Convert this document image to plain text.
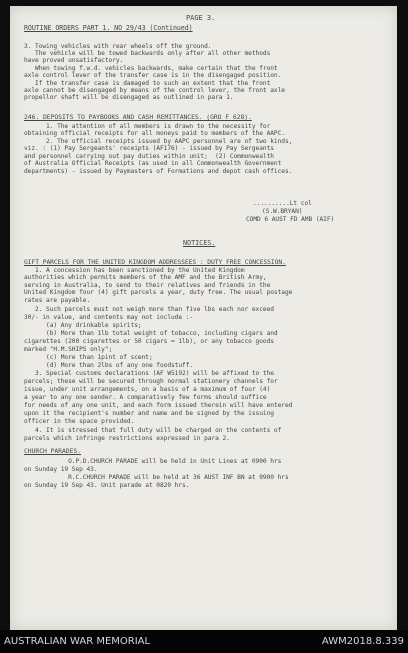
PAGE 3.
ROUTINE ORDERS PART 1. NO 29/43 (Continued)
3. Towing vehicles with rear wheels off the ground.
The vehicle will be towed backwards only after all other methods
have proved unsatisfactory.
When towing f.w.d. vehicles backwards, make certain that the front
axle control lever of the transfer case is in the disengaged position.
If the transfer case is damaged to such an extent that the front
axle cannot be disengaged by means of the control lever, the front axle
propellor shaft will be disengaged as outlined in para 1.
246. DEPOSITS TO PAYBOOKS AND CASH REMITTANCES. (GRO F 628).
1. The attention of all members is drawn to the necessity for
obtaining official receipts for all moneys paid to members of the AAPC.
2. The official receipts issued by AAPC personnel are of two kinds,
viz. : (1) Pay Sergeants' receipts (AF176) - issued by Pay Sergeants
and personnel carrying out pay duties within unit;  (2) Commonwealth
of Australia Official Receipts (as used in all Commonwealth Government
departments) - issued by Paymasters of Formations and depot cash offices.
..........Lt col
(S.W.BRYAN)
COMD 6 AUST FD AMB (AIF)
NOTICES.
GIFT PARCELS FOR THE UNITED KINGDOM ADDRESSEES : DUTY FREE CONCESSION.
1. A concession has been sanctioned by the United Kingdom
authorities which permits members of the AMF and the British Army,
serving in Australia, to send to their relatives and friends in the
United Kingdom four (4) gift parcels a year, duty free. The usual postage
rates are payable.
2. Such parcels must not weigh more than five lbs each nor exceed
30/- in value, and contents may not include :-
(a) Any drinkable spirits;
(b) More than 1lb total weight of tobacco, including cigars and
cigarettes (200 cigarettes or 50 cigars = 1lb), or any tobacco goods
marked "H.M.SHIPS only";
(c) More than 1pint of scent;
(d) More than 2lbs of any one foodstuff.
3. Special customs declarations (AF W5192) will be affixed to the
parcels; these will be secured through normal stationery channels for
issue, under unit arrangements, on a basis of a maximum of four (4)
a year to any one sender. A comparatively few forms should suffice
for needs of any one unit, and each form issued therein will have entered
upon it the recipient's number and name and be signed by the issuing
officer in the space provided.
4. It is stressed that full duty will be charged on the contents of
parcels which infringe restrictions expressed in para 2.
CHURCH PARADES.
O.P.D.CHURCH PARADE will be held in Unit Lines at 0900 hrs
on Sunday 19 Sep 43.
R.C.CHURCH PARADE will be held at 36 AUST INF BN at 0900 hrs
on Sunday 19 Sep 43. Unit parade at 0820 hrs.
AUSTRALIAN WAR MEMORIAL	AWM2018.8.339
